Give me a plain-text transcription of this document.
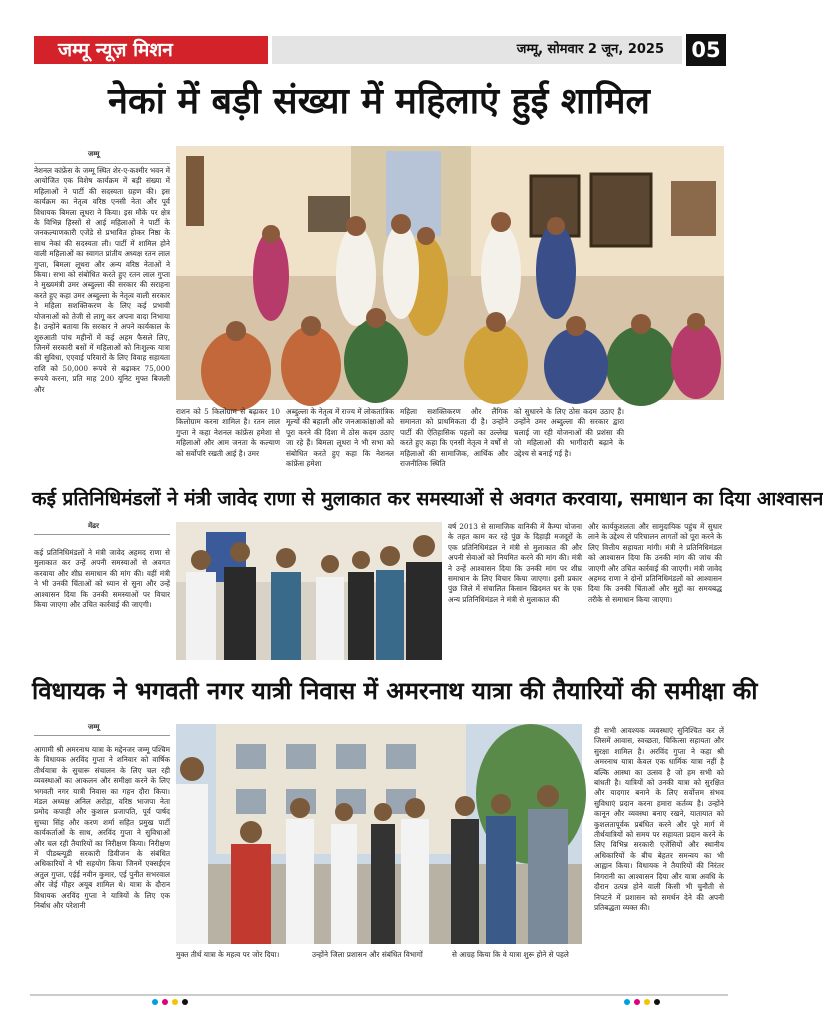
जम्मू न्यूज़ मिशन	जम्मू, सोमवार 2 जून, 2025	05
नेकां में बड़ी संख्या में महिलाएं हुई शामिल
जम्मू
नेशनल कांफ्रेंस के जम्मू स्थित शेर-ए-कश्मीर भवन में आयोजित एक विशेष कार्यक्रम में बड़ी संख्या में महिलाओं ने पार्टी की सदस्यता ग्रहण की। इस कार्यक्रम का नेतृत्व वरिष्ठ एनसी नेता और पूर्व विधायक बिमला लूथरा ने किया। इस मौके पर क्षेत्र के विभिन्न हिस्सों से आई महिलाओं ने पार्टी के जनकल्याणकारी एजेंडे से प्रभावित होकर निष्ठा के साथ नेकां की सदस्यता ली। पार्टी में शामिल होने वाली महिलाओं का स्वागत प्रांतीय अध्यक्ष रतन लाल गुप्ता, बिमला लूथरा और अन्य वरिष्ठ नेताओं ने किया। सभा को संबोधित करते हुए रतन लाल गुप्ता ने मुख्यमंत्री उमर अब्दुल्ला की सरकार की सराहना करते हुए कहा उमर अब्दुल्ला के नेतृत्व वाली सरकार ने महिला सशक्तिकरण के लिए कई प्रभावी योजनाओं को तेजी से लागू कर अपना वादा निभाया है। उन्होंने बताया कि सरकार ने अपने कार्यकाल के शुरुआती पांच महीनों में कई अहम फैसले लिए, जिनमें सरकारी बसों में महिलाओं को निःशुल्क यात्रा की सुविधा, एएवाई परिवारों के लिए विवाह सहायता राशि को 50,000 रूपये से बढ़ाकर 75,000 रूपये करना, प्रति माह 200 यूनिट मुफ्त बिजली और
राशन को 5 किलोग्राम से बढ़ाकर 10 किलोग्राम करना शामिल है। रतन लाल गुप्ता ने कहा नेशनल कांफ्रेंस हमेशा से महिलाओं और आम जनता के कल्याण को सर्वोपरि रखती आई है। उमर
अब्दुल्ला के नेतृत्व में राज्य में लोकतांत्रिक मूल्यों की बहाली और जनआकांक्षाओं को पूरा करने की दिशा में ठोस कदम उठाए जा रहे हैं। बिमला लूथरा ने भी सभा को संबोधित करते हुए कहा कि नेशनल कांफ्रेंस हमेशा
महिला सशक्तिकरण और लैंगिक समानता को प्राथमिकता दी है। उन्होंने पार्टी की ऐतिहासिक पहलों का उल्लेख करते हुए कहा कि एनसी नेतृत्व ने वर्षों से महिलाओं की सामाजिक, आर्थिक और राजनीतिक स्थिति
को सुधारने के लिए ठोस कदम उठाए हैं। उन्होंने उमर अब्दुल्ला की सरकार द्वारा चलाई जा रही योजनाओं की प्रशंसा की जो महिलाओं की भागीदारी बढ़ाने के उद्देश्य से बनाई गई है।
कई प्रतिनिधिमंडलों ने मंत्री जावेद राणा से मुलाकात कर समस्याओं से अवगत करवाया, समाधान का दिया आश्वासन
मेंढर
कई प्रतिनिधिमंडलों ने मंत्री जावेद अहमद राणा से मुलाकात कर उन्हें अपनी समस्याओं से अवगत करवाया और शीघ्र समाधान की मांग की। वहीं मंत्री ने भी उनकी चिंताओं को ध्यान से सुना और उन्हें आश्वासन दिया कि उनकी समस्याओं पर विचार किया जाएगा और उचित कार्रवाई की जाएगी।
वर्ष 2013 से सामाजिक वानिकी में कैम्पा योजना के तहत काम कर रहे पुंछ के दिहाड़ी मजदूरों के एक प्रतिनिधिमंडल ने मंत्री से मुलाकात की और अपनी सेवाओं को नियमित करने की मांग की। मंत्री ने उन्हें आश्वासन दिया कि उनकी मांग पर शीघ्र समाधान के लिए विचार किया जाएगा। इसी प्रकार पुंछ जिले में संचालित किसान खिदमत घर के एक अन्य प्रतिनिधिमंडल ने मंत्री से मुलाकात की
और कार्यकुशलता और सामुदायिक पहुंच में सुधार लाने के उद्देश्य से परिचालन लागतों को पूरा करने के लिए वित्तीय सहायता मांगी। मंत्री ने प्रतिनिधिमंडल को आश्वासन दिया कि उनकी मांग की जांच की जाएगी और उचित कार्रवाई की जाएगी। मंत्री जावेद अहमद राणा ने दोनों प्रतिनिधिमंडलों को आश्वासन दिया कि उनकी चिंताओं और मुद्दों का समयबद्ध तरीके से समाधान किया जाएगा।
विधायक ने भगवती नगर यात्री निवास में अमरनाथ यात्रा की तैयारियों की समीक्षा की
जम्मू
आगामी श्री अमरनाथ यात्रा के मद्देनजर जम्मू पश्चिम के विधायक अरविंद गुप्ता ने शनिवार को वार्षिक तीर्थयात्रा के सुचारू संचालन के लिए चल रही व्यवस्थाओं का आकलन और समीक्षा करने के लिए भगवती नगर यात्री निवास का गहन दौरा किया। मंडल अध्यक्ष अनिल अरोड़ा, वरिष्ठ भाजपा नेता प्रमोद कपाही और कुशाल प्रजापति, पूर्व पार्षद सुच्चा सिंह और करण शर्मा सहित प्रमुख पार्टी कार्यकर्ताओं के साथ, अरविंद गुप्ता ने सुविधाओं और चल रही तैयारियों का निरीक्षण किया। निरीक्षण में पीडब्ल्यूडी सरकारी डिवीजन के संबंधित अधिकारियों ने भी सहयोग किया जिनमें एक्सईएन अतुल गुप्ता, एईई नवीन कुमार, एई पुनीत सभरवाल और जेई गौहर अयूब शामिल थे। यात्रा के दौरान विधायक अरविंद गुप्ता ने यात्रियों के लिए एक निर्बाध और परेशानी
मुक्त तीर्थ यात्रा के महत्व पर जोर दिया।	उन्होंने जिला प्रशासन और संबंधित विभागों	से आग्रह किया कि वे यात्रा शुरू होने से पहले
ही सभी आवश्यक व्यवस्थाएं सुनिश्चित कर लें जिसमें आवास, स्वच्छता, चिकित्सा सहायता और सुरक्षा शामिल है। अरविंद गुप्ता ने कहा श्री अमरनाथ यात्रा केवल एक धार्मिक यात्रा नहीं है बल्कि आस्था का उत्सव है जो हम सभी को बांधती है। यात्रियों को उनकी यात्रा को सुरक्षित और यादगार बनाने के लिए सर्वोत्तम संभव सुविधाएं प्रदान करना हमारा कर्तव्य है। उन्होंने कानून और व्यवस्था बनाए रखने, यातायात को कुशलतापूर्वक प्रबंधित करने और पूरे मार्ग में तीर्थयात्रियों को समय पर सहायता प्रदान करने के लिए विभिन्न सरकारी एजेंसियों और स्थानीय अधिकारियों के बीच बेहतर समन्वय का भी आह्वान किया। विधायक ने तैयारियों की निरंतर निगरानी का आश्वासन दिया और यात्रा अवधि के दौरान उत्पन्न होने वाली किसी भी चुनौती से निपटने में प्रशासन को समर्थन देने की अपनी प्रतिबद्धता व्यक्त की।
